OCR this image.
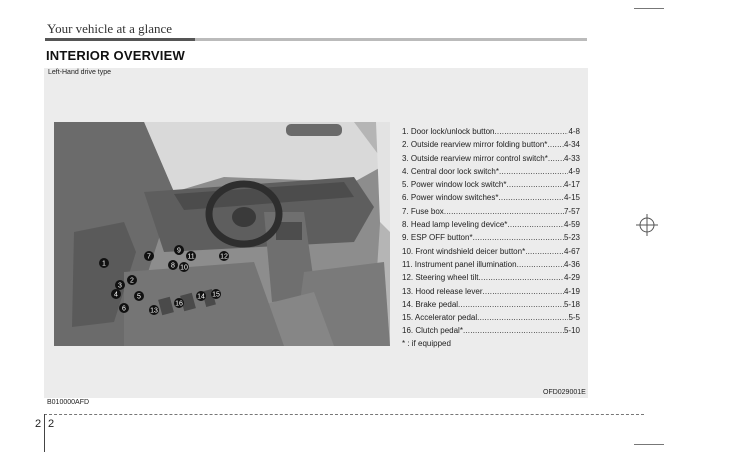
Your vehicle at a glance
INTERIOR OVERVIEW
Left-Hand drive type
1
2
3
4	5
6
7
8
9
10
11	12
13
14 15
16
1. Door lock/unlock button .....	4-8
2. Outside rearview mirror folding button* ..... 4-34
3. Outside rearview mirror control switch* ..... 4-33
4. Central door lock switch* .....	4-9
5. Power window lock switch* .....	4-17
6. Power window switches* .....	4-15
7. Fuse box .....	7-57
8. Head lamp leveling device* .....	4-59
9. ESP OFF button* .....	5-23
10. Front windshield deicer button* .....	4-67
11. Instrument panel illumination .....	4-36
12. Steering wheel tilt .....	4-29
13. Hood release lever .....	4-19
14. Brake pedal .....	5-18
15. Accelerator pedal .....	5-5
16. Clutch pedal* .....	5-10
* : if equipped
OFD029001E
B010000AFD
2 2
